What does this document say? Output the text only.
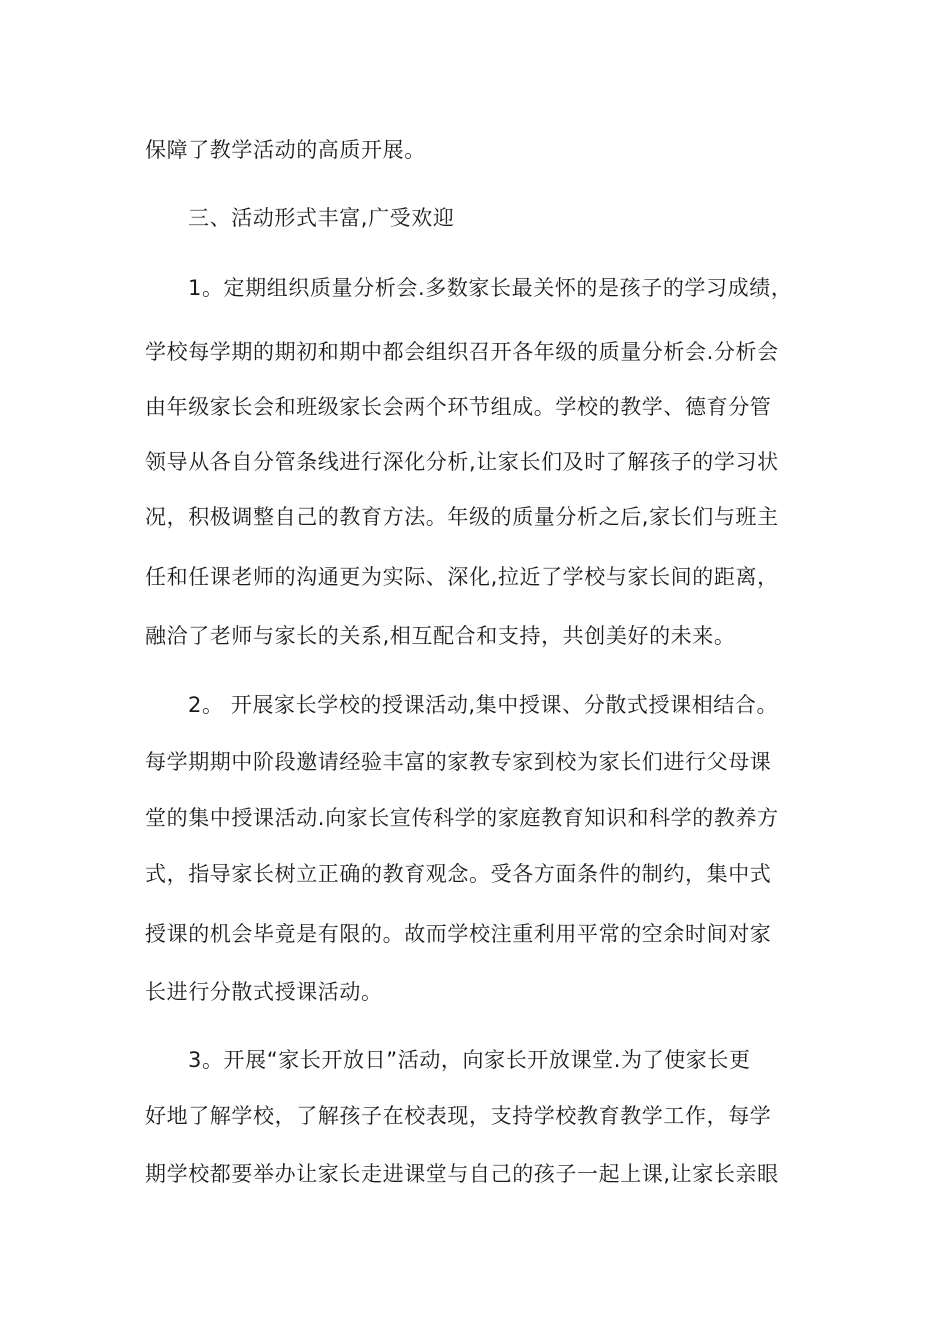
保障了教学活动的高质开展。

三、活动形式丰富,广受欢迎

1。定期组织质量分析会.多数家长最关怀的是孩子的学习成绩，

学校每学期的期初和期中都会组织召开各年级的质量分析会.分析会

由年级家长会和班级家长会两个环节组成。学校的教学、德育分管

领导从各自分管条线进行深化分析,让家长们及时了解孩子的学习状

况，积极调整自己的教育方法。年级的质量分析之后,家长们与班主

任和任课老师的沟通更为实际、深化,拉近了学校与家长间的距离，

融洽了老师与家长的关系,相互配合和支持，共创美好的未来。

2。 开展家长学校的授课活动,集中授课、分散式授课相结合。

每学期期中阶段邀请经验丰富的家教专家到校为家长们进行父母课

堂的集中授课活动.向家长宣传科学的家庭教育知识和科学的教养方

式，指导家长树立正确的教育观念。受各方面条件的制约，集中式

授课的机会毕竟是有限的。故而学校注重利用平常的空余时间对家

长进行分散式授课活动。

3。开展“家长开放日”活动，向家长开放课堂.为了使家长更

好地了解学校，了解孩子在校表现，支持学校教育教学工作，每学

期学校都要举办让家长走进课堂与自己的孩子一起上课,让家长亲眼
